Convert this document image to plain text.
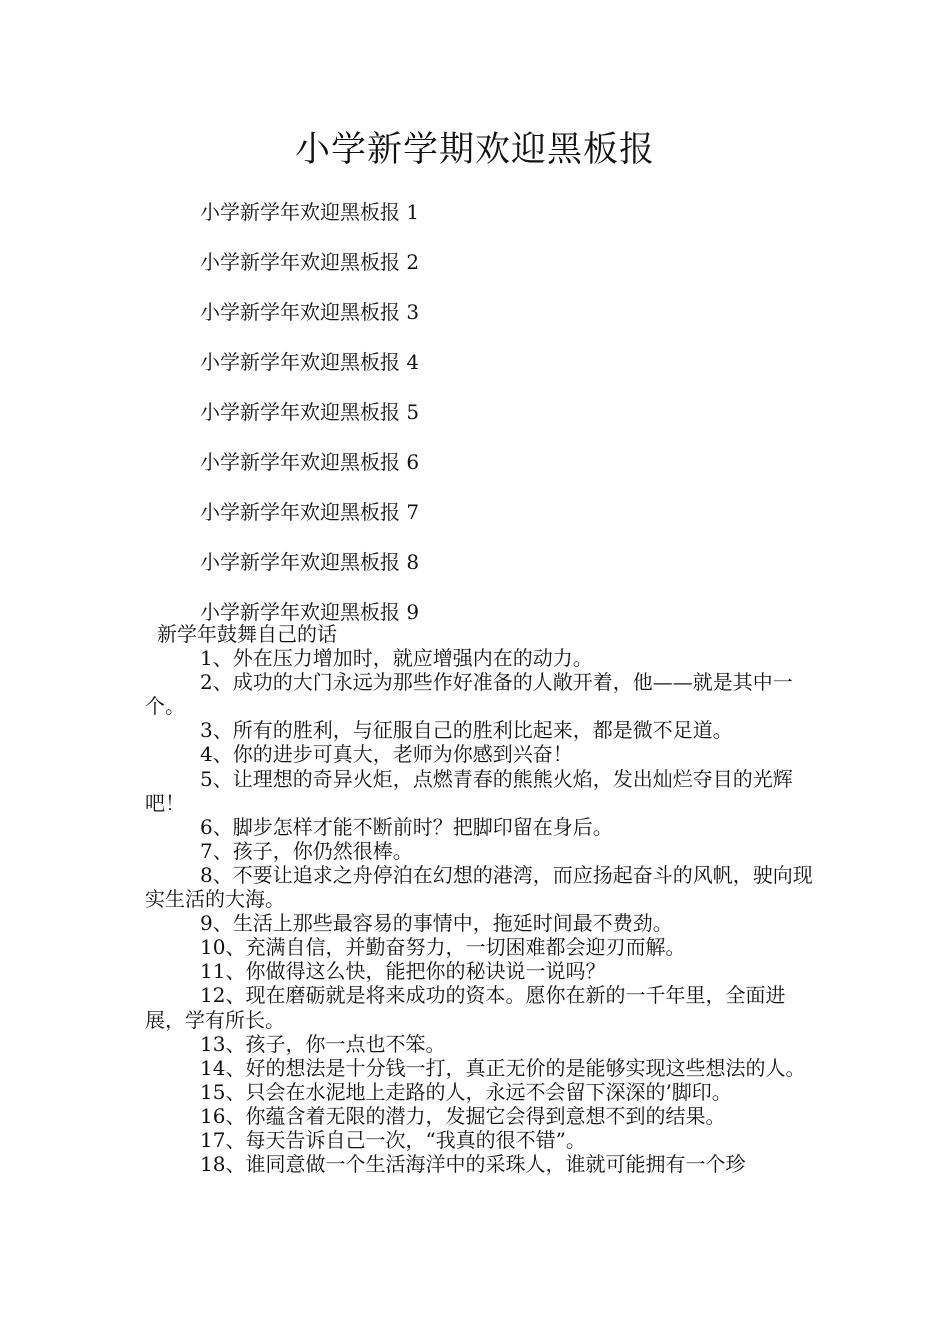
小学新学期欢迎黑板报
小学新学年欢迎黑板报 1
小学新学年欢迎黑板报 2
小学新学年欢迎黑板报 3
小学新学年欢迎黑板报 4
小学新学年欢迎黑板报 5
小学新学年欢迎黑板报 6
小学新学年欢迎黑板报 7
小学新学年欢迎黑板报 8
小学新学年欢迎黑板报 9
新学年鼓舞自己的话

1、外在压力增加时，就应增强内在的动力。

2、成功的大门永远为那些作好准备的人敞开着，他——就是其中一个。

3、所有的胜利，与征服自己的胜利比起来，都是微不足道。

4、你的进步可真大，老师为你感到兴奋！

5、让理想的奇异火炬，点燃青春的熊熊火焰，发出灿烂夺目的光辉吧！

6、脚步怎样才能不断前时？把脚印留在身后。

7、孩子，你仍然很棒。

8、不要让追求之舟停泊在幻想的港湾，而应扬起奋斗的风帆，驶向现实生活的大海。

9、生活上那些最容易的事情中，拖延时间最不费劲。

10、充满自信，并勤奋努力，一切困难都会迎刃而解。

11、你做得这么快，能把你的秘诀说一说吗？

12、现在磨砺就是将来成功的资本。愿你在新的一千年里，全面进展，学有所长。

13、孩子，你一点也不笨。

14、好的想法是十分钱一打，真正无价的是能够实现这些想法的人。

15、只会在水泥地上走路的人，永远不会留下深深的’脚印。

16、你蕴含着无限的潜力，发掘它会得到意想不到的结果。

17、每天告诉自己一次，“我真的很不错”。

18、谁同意做一个生活海洋中的采珠人，谁就可能拥有一个珍
